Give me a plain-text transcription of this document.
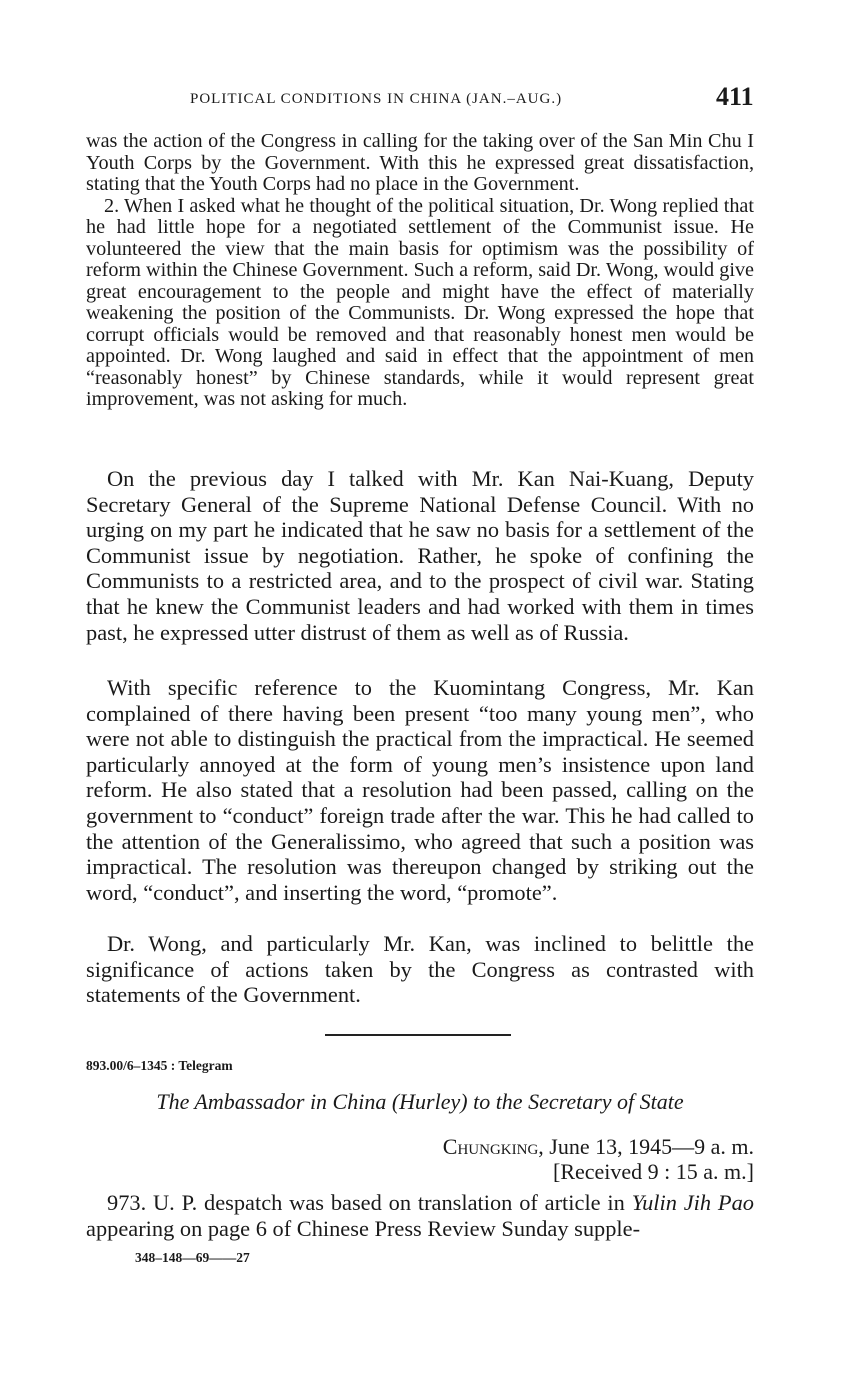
POLITICAL CONDITIONS IN CHINA (JAN.–AUG.)	411

was the action of the Congress in calling for the taking over of the San Min Chu I Youth Corps by the Government. With this he expressed great dissatisfaction, stating that the Youth Corps had no place in the Government.

2. When I asked what he thought of the political situation, Dr. Wong replied that he had little hope for a negotiated settlement of the Communist issue. He volunteered the view that the main basis for optimism was the possibility of reform within the Chinese Government. Such a reform, said Dr. Wong, would give great encouragement to the people and might have the effect of materially weakening the position of the Communists. Dr. Wong expressed the hope that corrupt officials would be removed and that reasonably honest men would be appointed. Dr. Wong laughed and said in effect that the appointment of men “reasonably honest” by Chinese standards, while it would represent great improvement, was not asking for much.

On the previous day I talked with Mr. Kan Nai-Kuang, Deputy Secretary General of the Supreme National Defense Council. With no urging on my part he indicated that he saw no basis for a settlement of the Communist issue by negotiation. Rather, he spoke of confining the Communists to a restricted area, and to the prospect of civil war. Stating that he knew the Communist leaders and had worked with them in times past, he expressed utter distrust of them as well as of Russia.

With specific reference to the Kuomintang Congress, Mr. Kan complained of there having been present “too many young men”, who were not able to distinguish the practical from the impractical. He seemed particularly annoyed at the form of young men’s insistence upon land reform. He also stated that a resolution had been passed, calling on the government to “conduct” foreign trade after the war. This he had called to the attention of the Generalissimo, who agreed that such a position was impractical. The resolution was thereupon changed by striking out the word, “conduct”, and inserting the word, “promote”.

Dr. Wong, and particularly Mr. Kan, was inclined to belittle the significance of actions taken by the Congress as contrasted with statements of the Government.

893.00/6–1345 : Telegram
The Ambassador in China (Hurley) to the Secretary of State
Chungking, June 13, 1945—9 a. m.
[Received 9 : 15 a. m.]

973. U. P. despatch was based on translation of article in Yulin Jih Pao appearing on page 6 of Chinese Press Review Sunday supple-

348–148—69——27
